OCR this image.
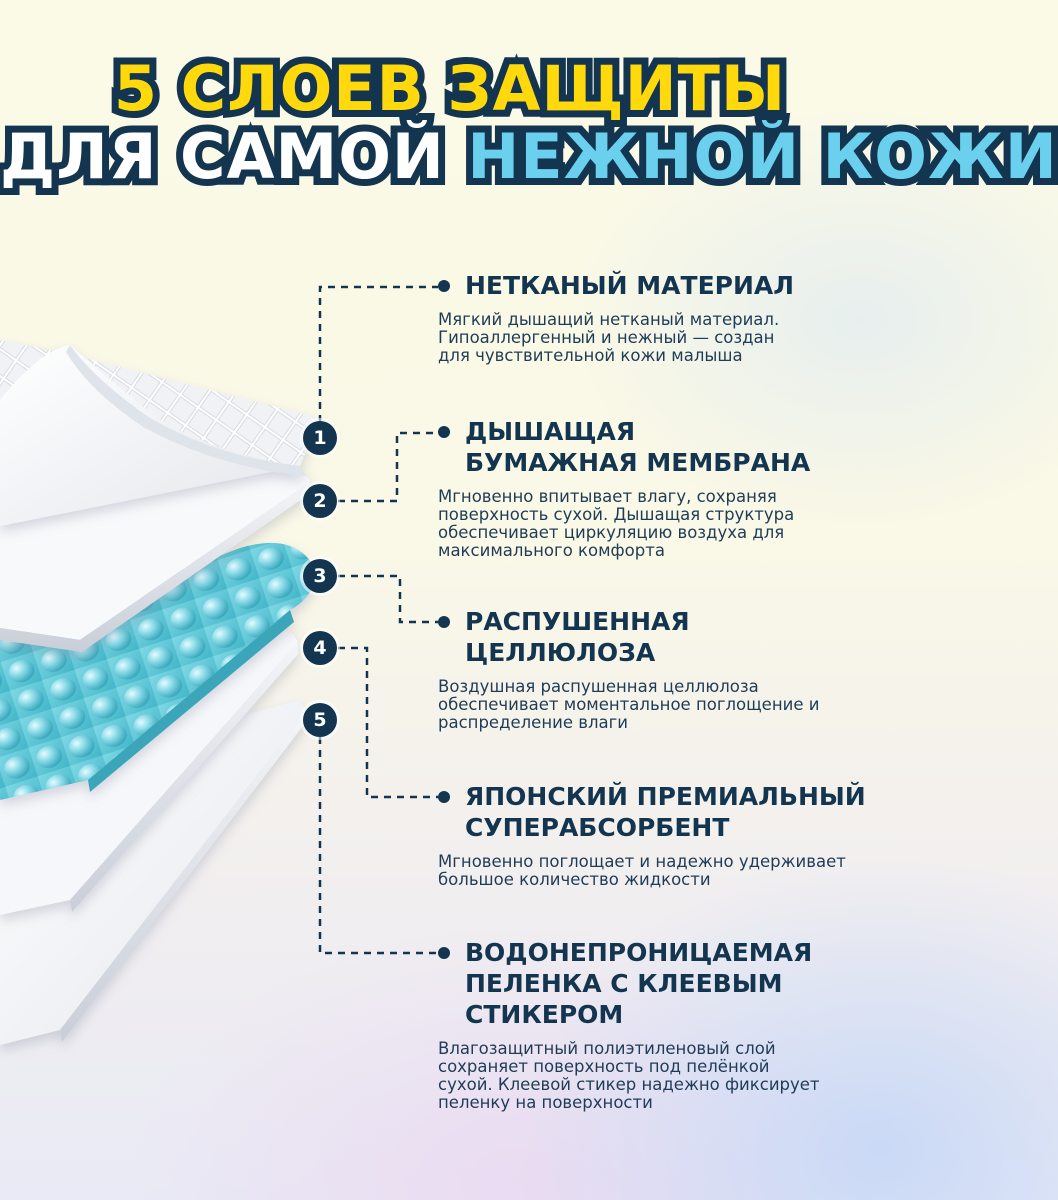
5 СЛОЕВ ЗАЩИТЫ
ДЛЯ САМОЙ НЕЖНОЙ КОЖИ
1
2
3
4
5
НЕТКАНЫЙ МАТЕРИАЛ
Мягкий дышащий нетканый материал. Гипоаллергенный и нежный — создан для чувствительной кожи малыша
ДЫШАЩАЯ
БУМАЖНАЯ МЕМБРАНА
Мгновенно впитывает влагу, сохраняя поверхность сухой. Дышащая структура обеспечивает циркуляцию воздуха для максимального комфорта
РАСПУШЕННАЯ
ЦЕЛЛЮЛОЗА
Воздушная распушенная целлюлоза обеспечивает моментальное поглощение и распределение влаги
ЯПОНСКИЙ ПРЕМИАЛЬНЫЙ
СУПЕРАБСОРБЕНТ
Мгновенно поглощает и надежно удерживает большое количество жидкости
ВОДОНЕПРОНИЦАЕМАЯ
ПЕЛЕНКА С КЛЕЕВЫМ
СТИКЕРОМ
Влагозащитный полиэтиленовый слой сохраняет поверхность под пелёнкой сухой. Клеевой стикер надежно фиксирует пеленку на поверхности
